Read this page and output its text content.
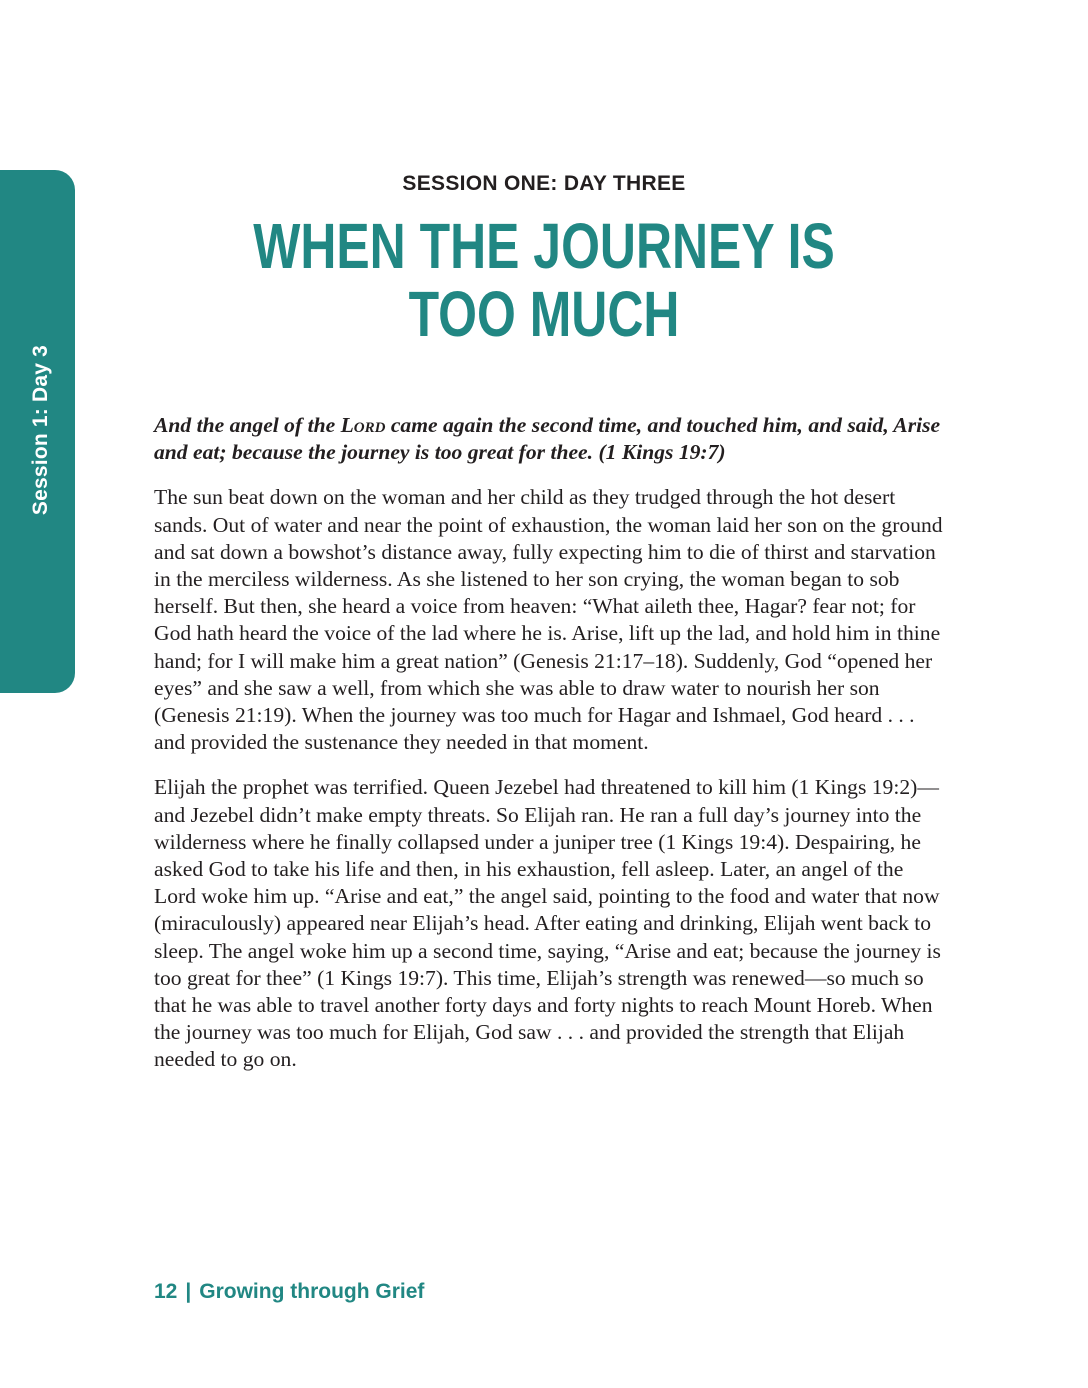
Session 1: Day 3
SESSION ONE: DAY THREE
WHEN THE JOURNEY IS
TOO MUCH

And the angel of the Lord came again the second time, and touched him, and said, Arise and eat; because the journey is too great for thee. (1 Kings 19:7)

The sun beat down on the woman and her child as they trudged through the hot desert sands. Out of water and near the point of exhaustion, the woman laid her son on the ground and sat down a bowshot’s distance away, fully expecting him to die of thirst and starvation in the merciless wilderness. As she listened to her son crying, the woman began to sob herself. But then, she heard a voice from heaven: “What aileth thee, Hagar? fear not; for God hath heard the voice of the lad where he is. Arise, lift up the lad, and hold him in thine hand; for I will make him a great nation” (Genesis 21:17–18). Suddenly, God “opened her eyes” and she saw a well, from which she was able to draw water to nourish her son (Genesis 21:19). When the journey was too much for Hagar and Ishmael, God heard . . . and provided the sustenance they needed in that moment.

Elijah the prophet was terrified. Queen Jezebel had threatened to kill him (1 Kings 19:2)—and Jezebel didn’t make empty threats. So Elijah ran. He ran a full day’s journey into the wilderness where he finally collapsed under a juniper tree (1 Kings 19:4). Despairing, he asked God to take his life and then, in his exhaustion, fell asleep. Later, an angel of the Lord woke him up. “Arise and eat,” the angel said, pointing to the food and water that now (miraculously) appeared near Elijah’s head. After eating and drinking, Elijah went back to sleep. The angel woke him up a second time, saying, “Arise and eat; because the journey is too great for thee” (1 Kings 19:7). This time, Elijah’s strength was renewed—so much so that he was able to travel another forty days and forty nights to reach Mount Horeb. When the journey was too much for Elijah, God saw . . . and provided the strength that Elijah needed to go on.

12 | Growing through Grief
